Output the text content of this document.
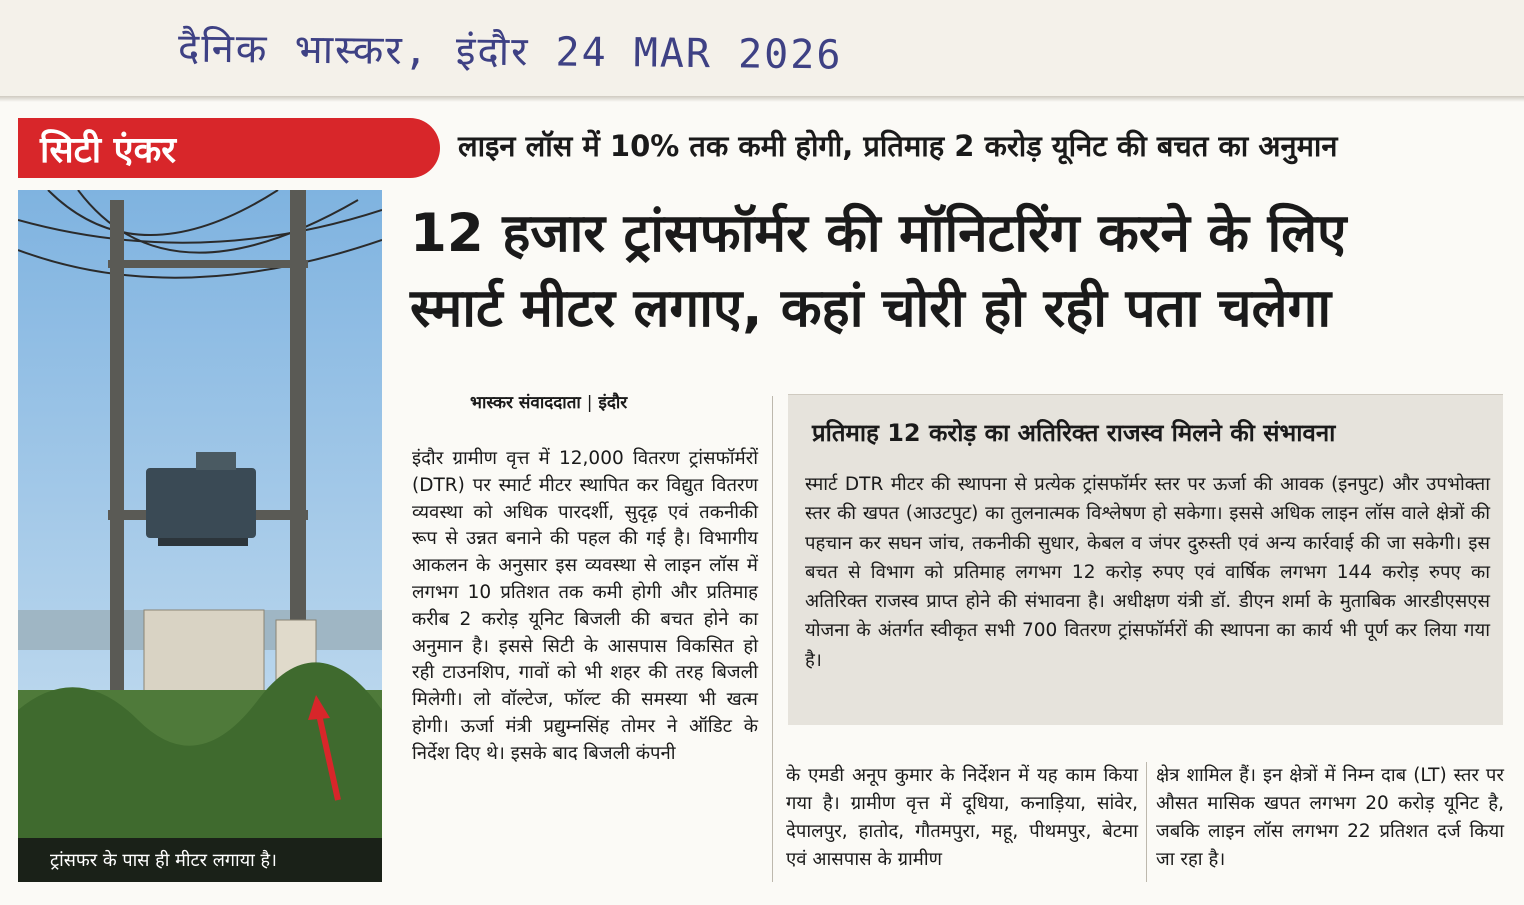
दैनिक भास्कर, इंदौर 24 MAR 2026
सिटी एंकर	लाइन लॉस में 10% तक कमी होगी, प्रतिमाह 2 करोड़ यूनिट की बचत का अनुमान
12 हजार ट्रांसफॉर्मर की मॉनिटरिंग करने के लिए
स्मार्ट मीटर लगाए, कहां चोरी हो रही पता चलेगा
ट्रांसफर के पास ही मीटर लगाया है।
भास्कर संवाददाता | इंदौर
इंदौर ग्रामीण वृत्त में 12,000 वितरण ट्रांसफॉर्मरों (DTR) पर स्मार्ट मीटर स्थापित कर विद्युत वितरण व्यवस्था को अधिक पारदर्शी, सुदृढ़ एवं तकनीकी रूप से उन्नत बनाने की पहल की गई है। विभागीय आकलन के अनुसार इस व्यवस्था से लाइन लॉस में लगभग 10 प्रतिशत तक कमी होगी और प्रतिमाह करीब 2 करोड़ यूनिट बिजली की बचत होने का अनुमान है। इससे सिटी के आसपास विकसित हो रही टाउनशिप, गावों को भी शहर की तरह बिजली मिलेगी। लो वॉल्टेज, फॉल्ट की समस्या भी खत्म होगी। ऊर्जा मंत्री प्रद्युम्नसिंह तोमर ने ऑडिट के निर्देश दिए थे। इसके बाद बिजली कंपनी
प्रतिमाह 12 करोड़ का अतिरिक्त राजस्व मिलने की संभावना
स्मार्ट DTR मीटर की स्थापना से प्रत्येक ट्रांसफॉर्मर स्तर पर ऊर्जा की आवक (इनपुट) और उपभोक्ता स्तर की खपत (आउटपुट) का तुलनात्मक विश्लेषण हो सकेगा। इससे अधिक लाइन लॉस वाले क्षेत्रों की पहचान कर सघन जांच, तकनीकी सुधार, केबल व जंपर दुरुस्ती एवं अन्य कार्रवाई की जा सकेगी। इस बचत से विभाग को प्रतिमाह लगभग 12 करोड़ रुपए एवं वार्षिक लगभग 144 करोड़ रुपए का अतिरिक्त राजस्व प्राप्त होने की संभावना है। अधीक्षण यंत्री डॉ. डीएन शर्मा के मुताबिक आरडीएसएस योजना के अंतर्गत स्वीकृत सभी 700 वितरण ट्रांसफॉर्मरों की स्थापना का कार्य भी पूर्ण कर लिया गया है।
के एमडी अनूप कुमार के निर्देशन में यह काम किया गया है। ग्रामीण वृत्त में दूधिया, कनाड़िया, सांवेर, देपालपुर, हातोद, गौतमपुरा, महू, पीथमपुर, बेटमा एवं आसपास के ग्रामीण
क्षेत्र शामिल हैं। इन क्षेत्रों में निम्न दाब (LT) स्तर पर औसत मासिक खपत लगभग 20 करोड़ यूनिट है, जबकि लाइन लॉस लगभग 22 प्रतिशत दर्ज किया जा रहा है।
